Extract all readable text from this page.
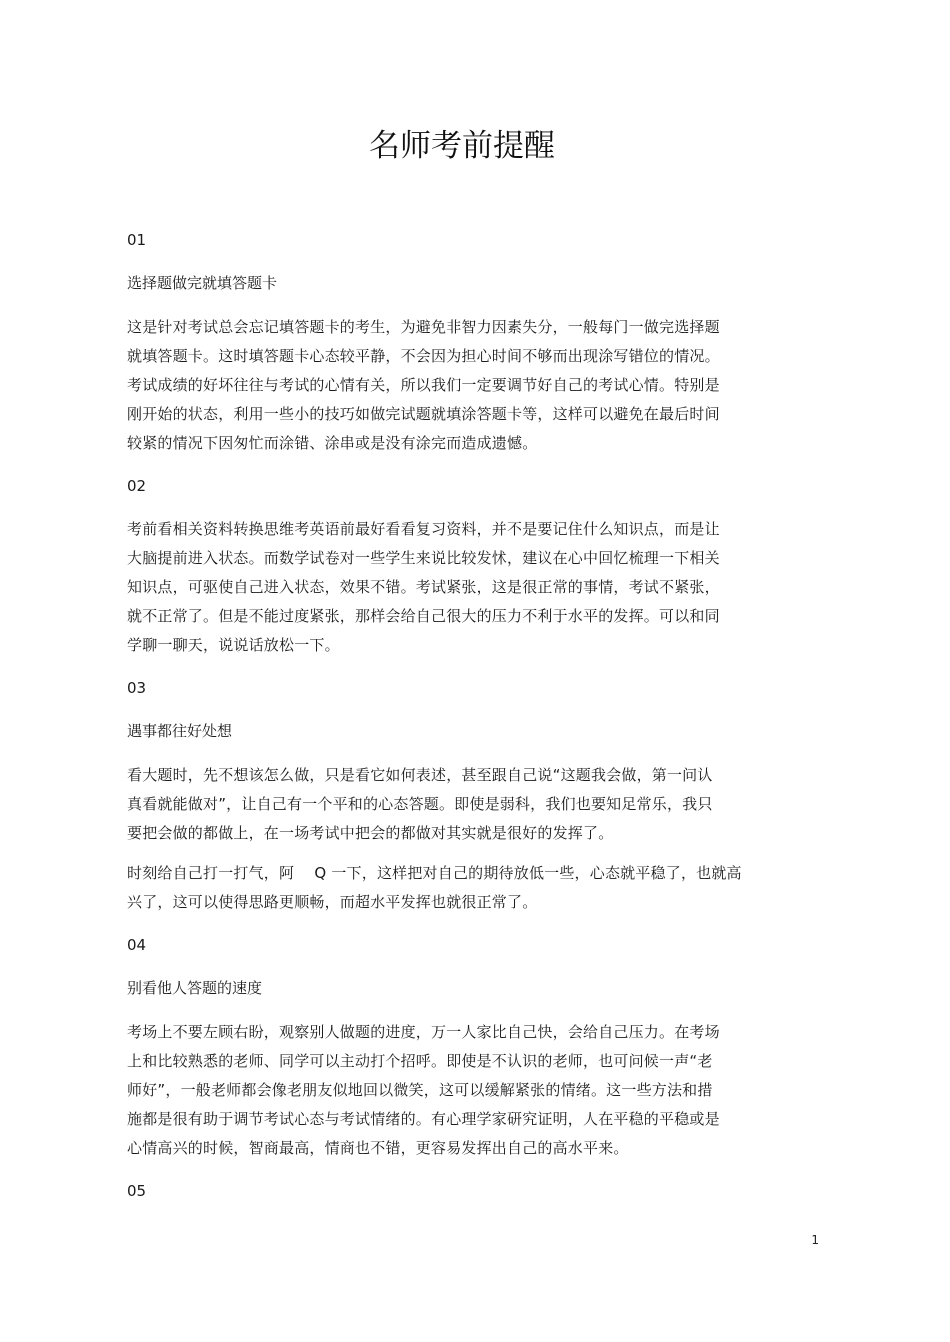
名师考前提醒

01

选择题做完就填答题卡

这是针对考试总会忘记填答题卡的考生，为避免非智力因素失分，一般每门一做完选择题
就填答题卡。这时填答题卡心态较平静，不会因为担心时间不够而出现涂写错位的情况。
考试成绩的好坏往往与考试的心情有关，所以我们一定要调节好自己的考试心情。特别是
刚开始的状态，利用一些小的技巧如做完试题就填涂答题卡等，这样可以避免在最后时间
较紧的情况下因匆忙而涂错、涂串或是没有涂完而造成遗憾。

02

考前看相关资料转换思维考英语前最好看看复习资料，并不是要记住什么知识点，而是让
大脑提前进入状态。而数学试卷对一些学生来说比较发怵，建议在心中回忆梳理一下相关
知识点，可驱使自己进入状态，效果不错。考试紧张，这是很正常的事情，考试不紧张，
就不正常了。但是不能过度紧张，那样会给自己很大的压力不利于水平的发挥。可以和同
学聊一聊天，说说话放松一下。

03

遇事都往好处想

看大题时，先不想该怎么做，只是看它如何表述，甚至跟自己说“这题我会做，第一问认
真看就能做对”，让自己有一个平和的心态答题。即使是弱科，我们也要知足常乐，我只
要把会做的都做上，在一场考试中把会的都做对其实就是很好的发挥了。

时刻给自己打一打气，阿　 Q 一下，这样把对自己的期待放低一些，心态就平稳了，也就高
兴了，这可以使得思路更顺畅，而超水平发挥也就很正常了。

04

别看他人答题的速度

考场上不要左顾右盼，观察别人做题的进度，万一人家比自己快，会给自己压力。在考场
上和比较熟悉的老师、同学可以主动打个招呼。即使是不认识的老师，也可问候一声“老
师好”，一般老师都会像老朋友似地回以微笑，这可以缓解紧张的情绪。这一些方法和措
施都是很有助于调节考试心态与考试情绪的。有心理学家研究证明，人在平稳的平稳或是
心情高兴的时候，智商最高，情商也不错，更容易发挥出自己的高水平来。

05

1
